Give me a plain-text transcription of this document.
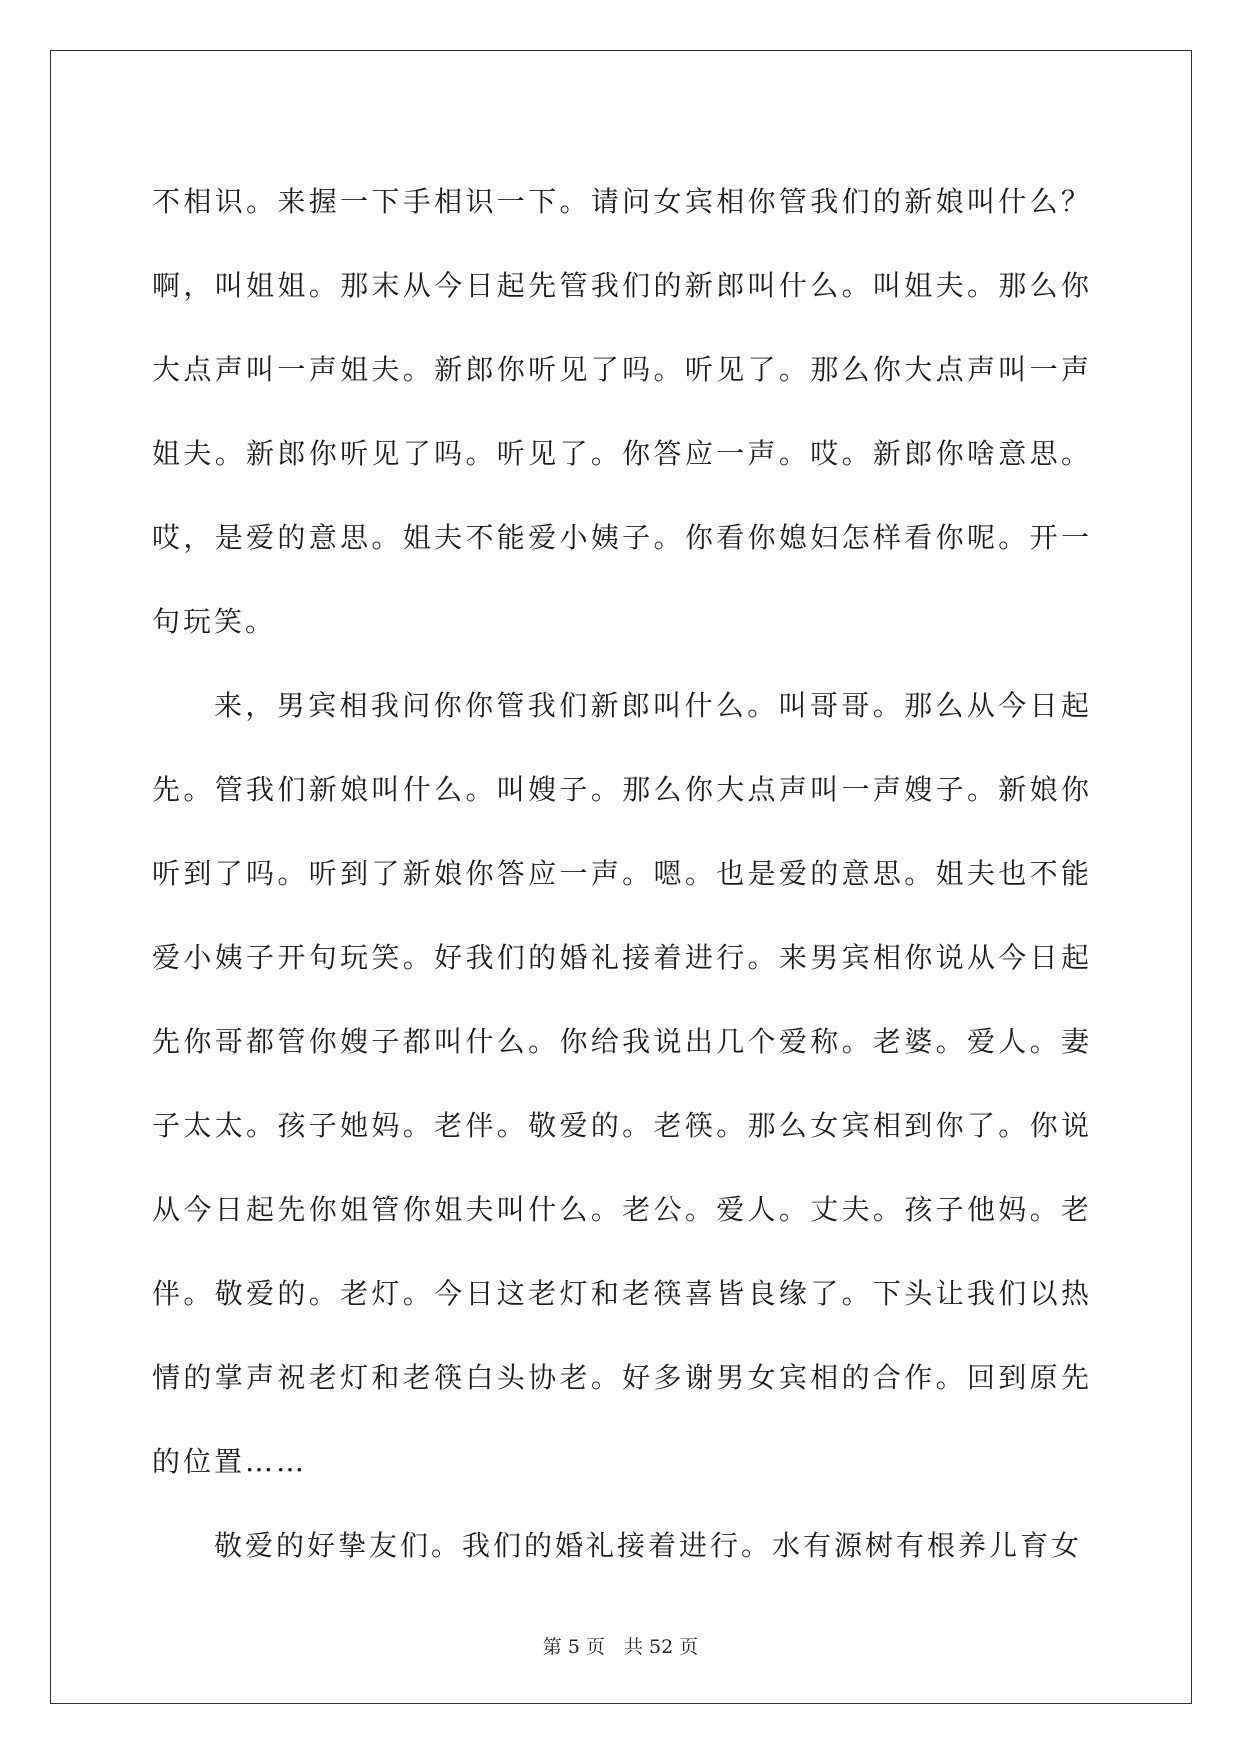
不相识。来握一下手相识一下。请问女宾相你管我们的新娘叫什么？啊，叫姐姐。那末从今日起先管我们的新郎叫什么。叫姐夫。那么你大点声叫一声姐夫。新郎你听见了吗。听见了。那么你大点声叫一声姐夫。新郎你听见了吗。听见了。你答应一声。哎。新郎你啥意思。哎，是爱的意思。姐夫不能爱小姨子。你看你媳妇怎样看你呢。开一句玩笑。

来，男宾相我问你你管我们新郎叫什么。叫哥哥。那么从今日起先。管我们新娘叫什么。叫嫂子。那么你大点声叫一声嫂子。新娘你听到了吗。听到了新娘你答应一声。嗯。也是爱的意思。姐夫也不能爱小姨子开句玩笑。好我们的婚礼接着进行。来男宾相你说从今日起先你哥都管你嫂子都叫什么。你给我说出几个爱称。老婆。爱人。妻子太太。孩子她妈。老伴。敬爱的。老筷。那么女宾相到你了。你说从今日起先你姐管你姐夫叫什么。老公。爱人。丈夫。孩子他妈。老伴。敬爱的。老灯。今日这老灯和老筷喜皆良缘了。下头让我们以热情的掌声祝老灯和老筷白头协老。好多谢男女宾相的合作。回到原先的位置……

敬爱的好挚友们。我们的婚礼接着进行。水有源树有根养儿育女

第 5 页　共 52 页
